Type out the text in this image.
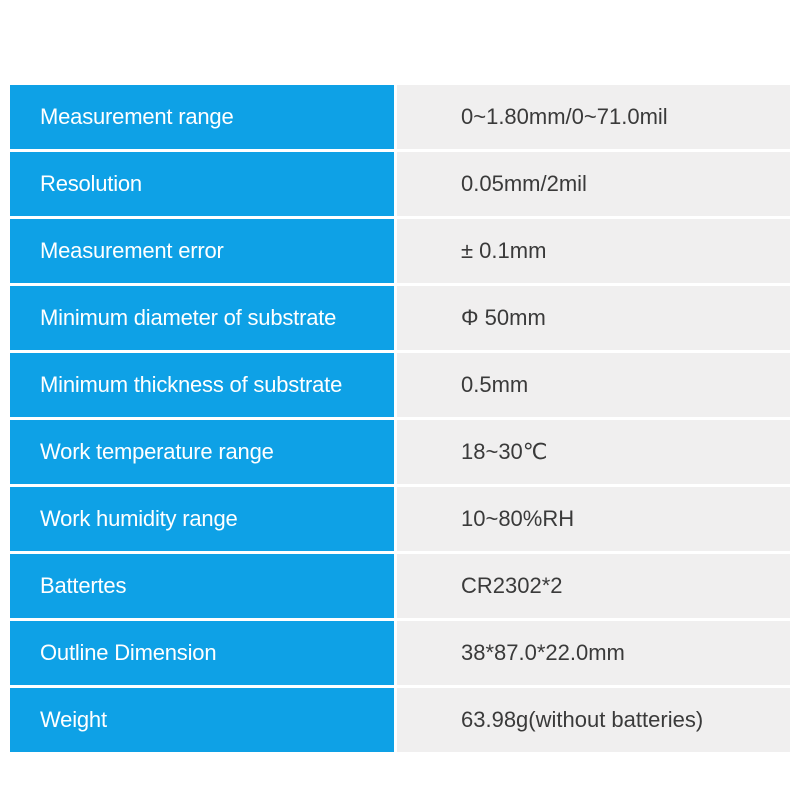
Measurement range	0~1.80mm/0~71.0mil
Resolution	0.05mm/2mil
Measurement error	± 0.1mm
Minimum diameter of substrate	Φ 50mm
Minimum thickness of substrate	0.5mm
Work temperature range	18~30℃
Work humidity range	10~80%RH
Battertes	CR2302*2
Outline Dimension	38*87.0*22.0mm
Weight	63.98g(without batteries)
